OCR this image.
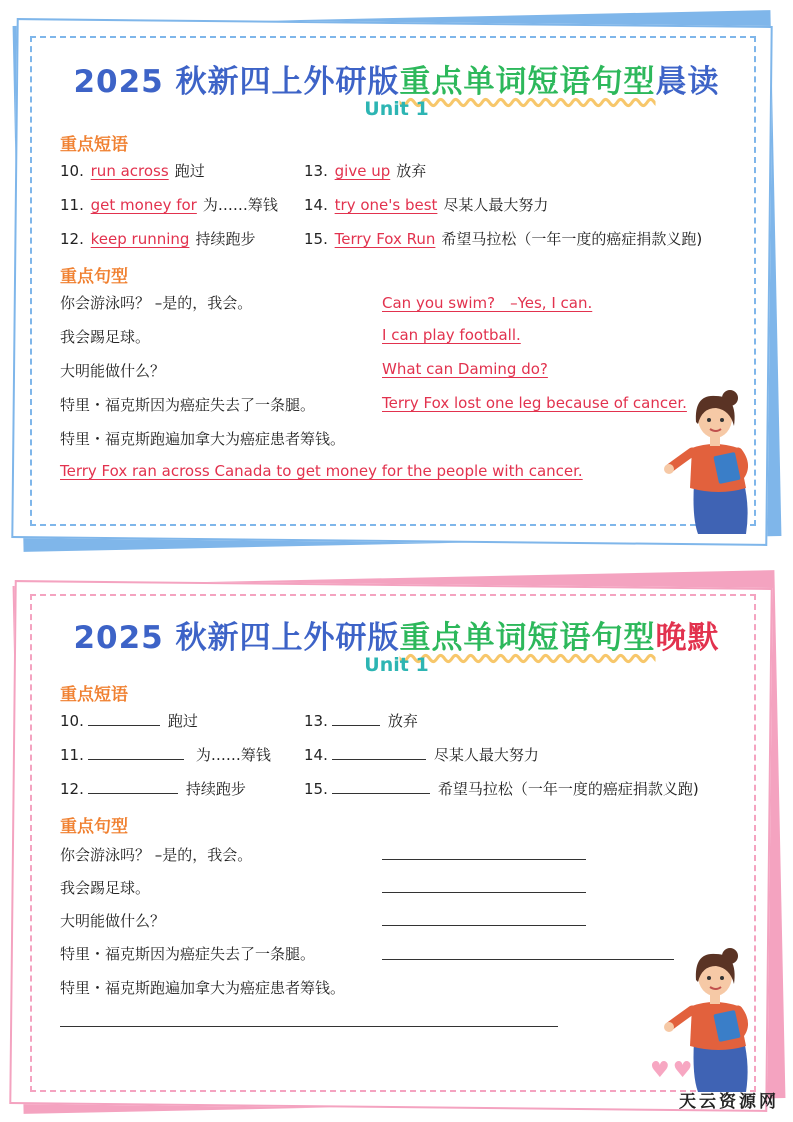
2025 秋新四上外研版重点单词短语句型晨读
Unit 1
重点短语
10. run across 跑过
11. get money for 为……筹钱
12. keep running 持续跑步
13. give up 放弃
14. try one's best 尽某人最大努力
15. Terry Fox Run 希望马拉松（一年一度的癌症捐款义跑)
重点句型
你会游泳吗？ –是的，我会。	Can you swim?　–Yes, I can.
我会踢足球。	I can play football.
大明能做什么？	What can Daming do?
特里・福克斯因为癌症失去了一条腿。	Terry Fox lost one leg because of cancer.
特里・福克斯跑遍加拿大为癌症患者筹钱。
Terry Fox ran across Canada to get money for the people with cancer.
2025 秋新四上外研版重点单词短语句型晚默
Unit 1
重点短语
10.	跑过
11.	为……筹钱
12.	持续跑步
13.	放弃
14.	尽某人最大努力
15.	希望马拉松（一年一度的癌症捐款义跑)
重点句型
你会游泳吗？ –是的，我会。
我会踢足球。
大明能做什么？
特里・福克斯因为癌症失去了一条腿。
特里・福克斯跑遍加拿大为癌症患者筹钱。
♥ ♥
天云资源网
